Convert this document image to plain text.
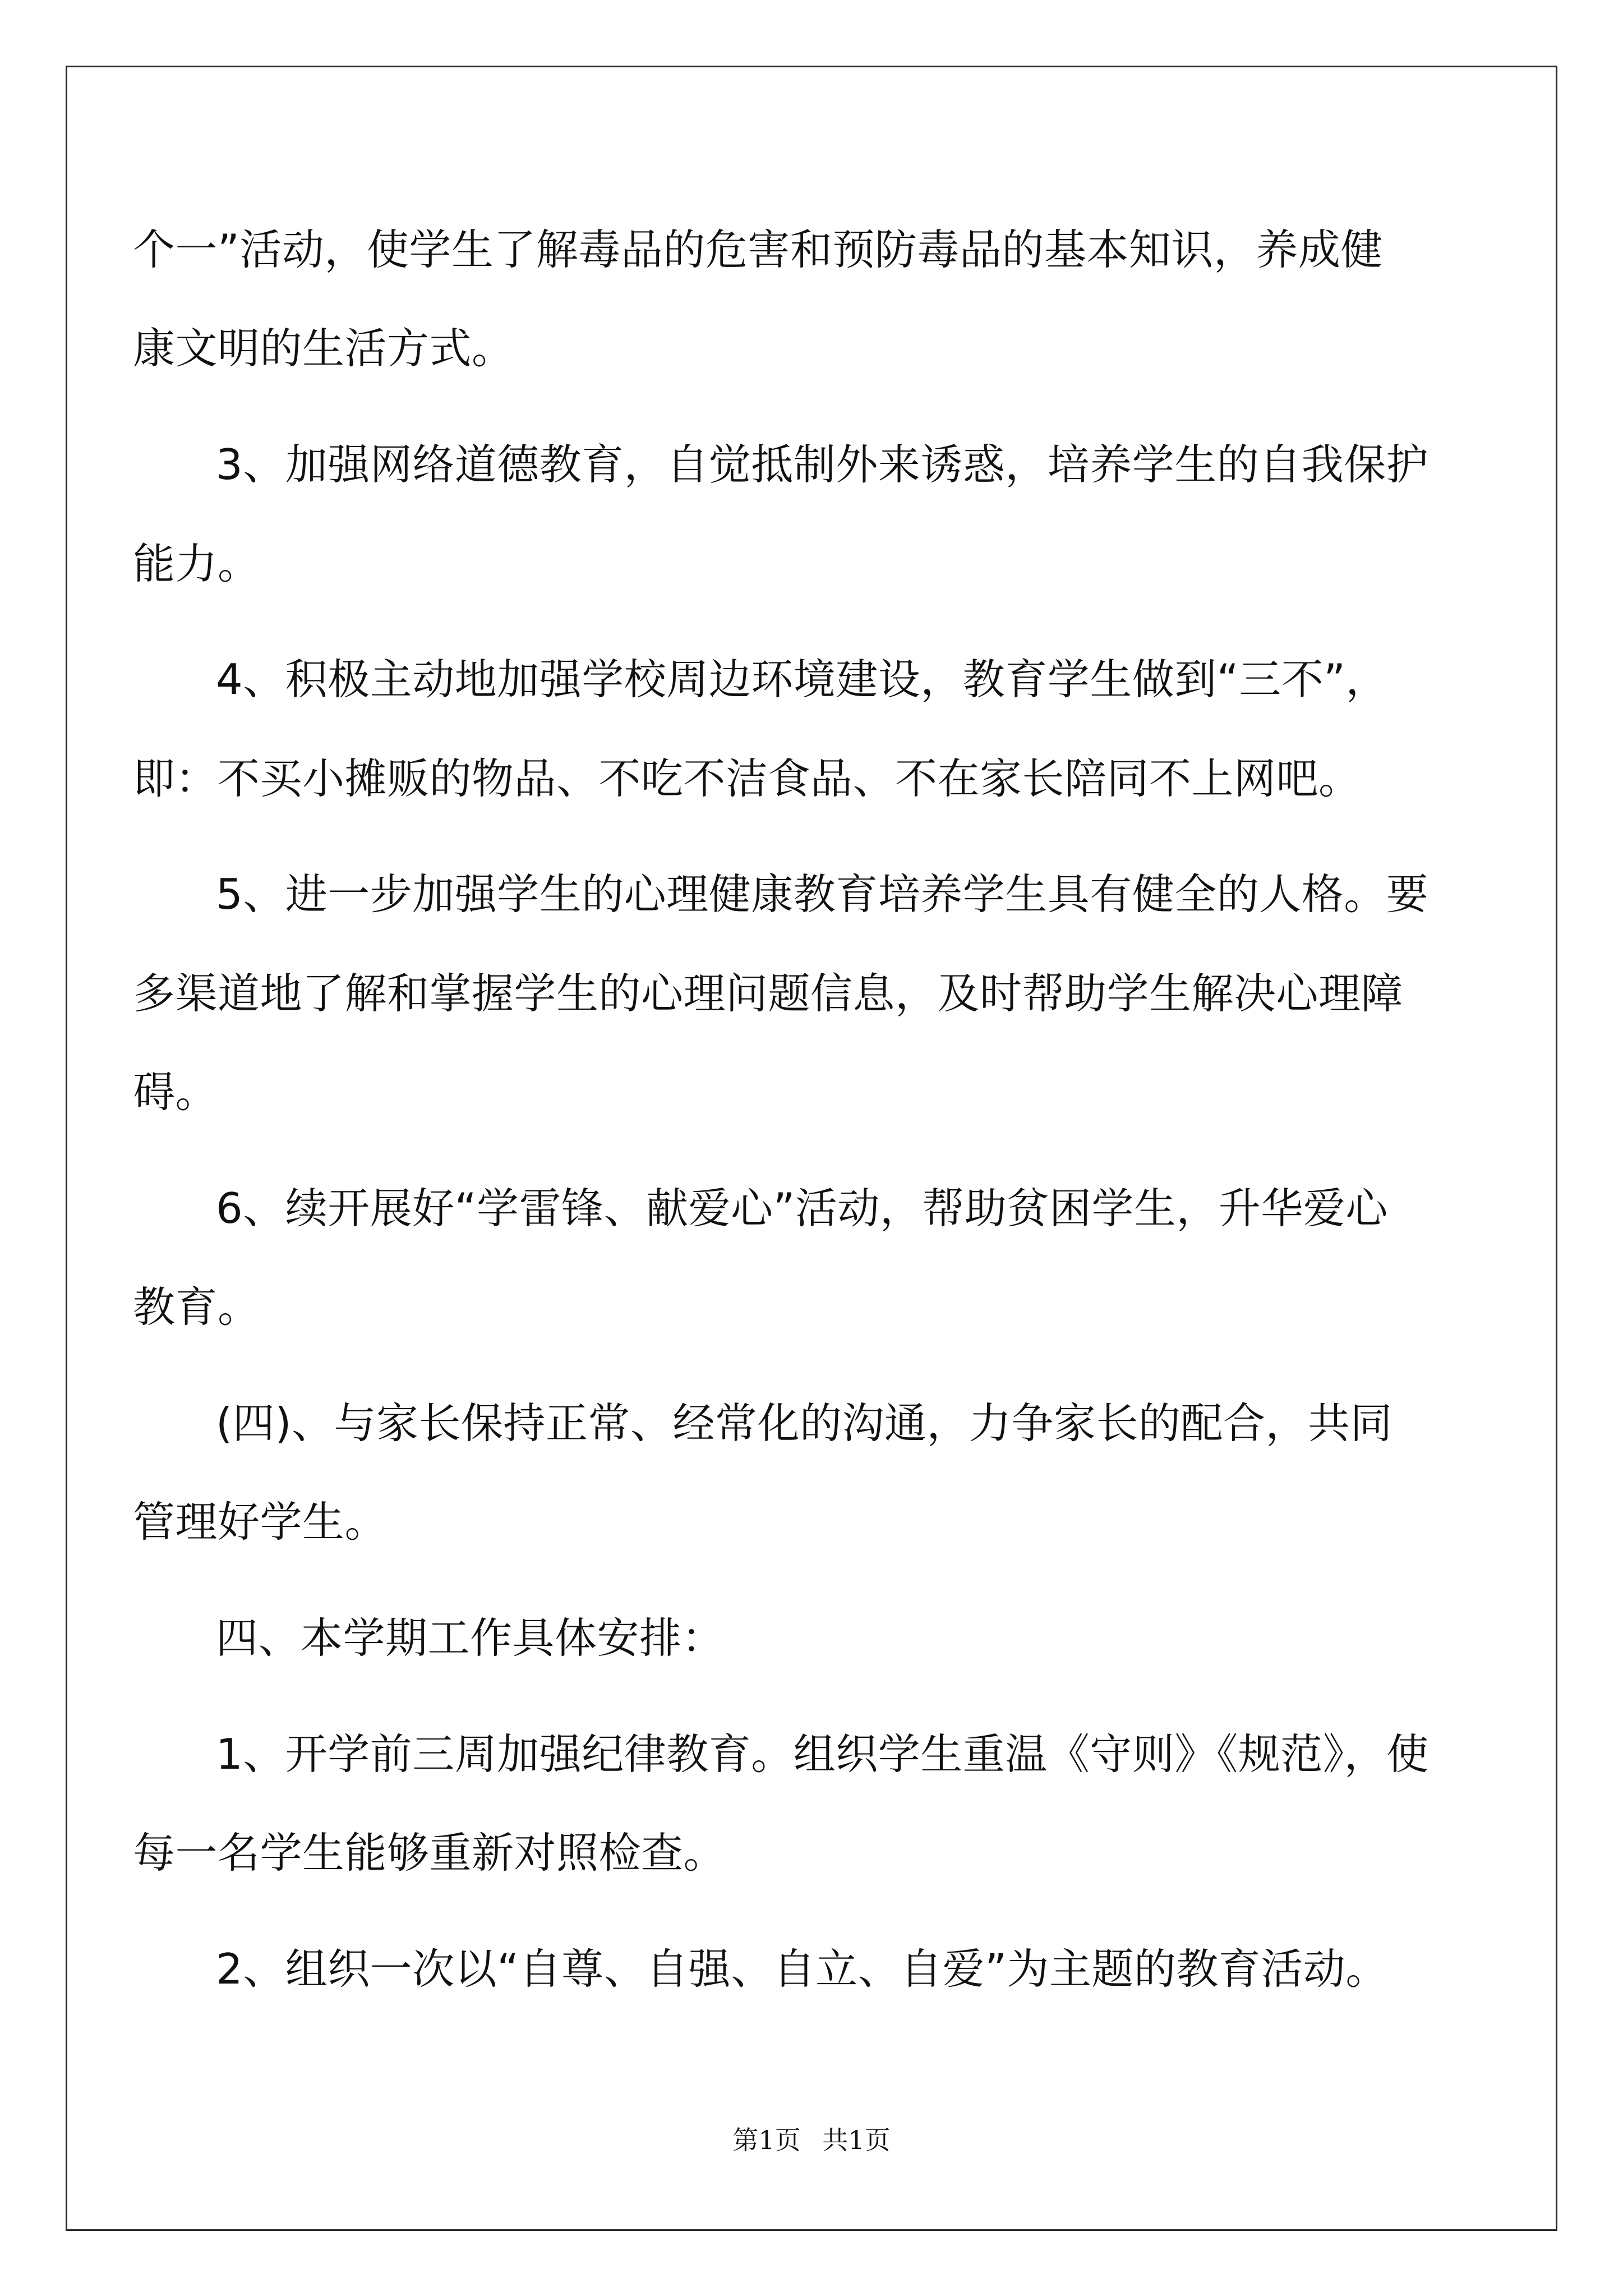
个一”活动，使学生了解毒品的危害和预防毒品的基本知识，养成健
康文明的生活方式。
3、加强网络道德教育，自觉抵制外来诱惑，培养学生的自我保护
能力。
4、积极主动地加强学校周边环境建设，教育学生做到“三不”，
即：不买小摊贩的物品、不吃不洁食品、不在家长陪同不上网吧。
5、进一步加强学生的心理健康教育培养学生具有健全的人格。要
多渠道地了解和掌握学生的心理问题信息，及时帮助学生解决心理障
碍。
6、续开展好“学雷锋、献爱心”活动，帮助贫困学生，升华爱心
教育。
(四)、与家长保持正常、经常化的沟通，力争家长的配合，共同
管理好学生。
四、本学期工作具体安排：
1、开学前三周加强纪律教育。组织学生重温《守则》《规范》，使
每一名学生能够重新对照检查。
2、组织一次以“自尊、自强、自立、自爱”为主题的教育活动。
第1页 共1页
